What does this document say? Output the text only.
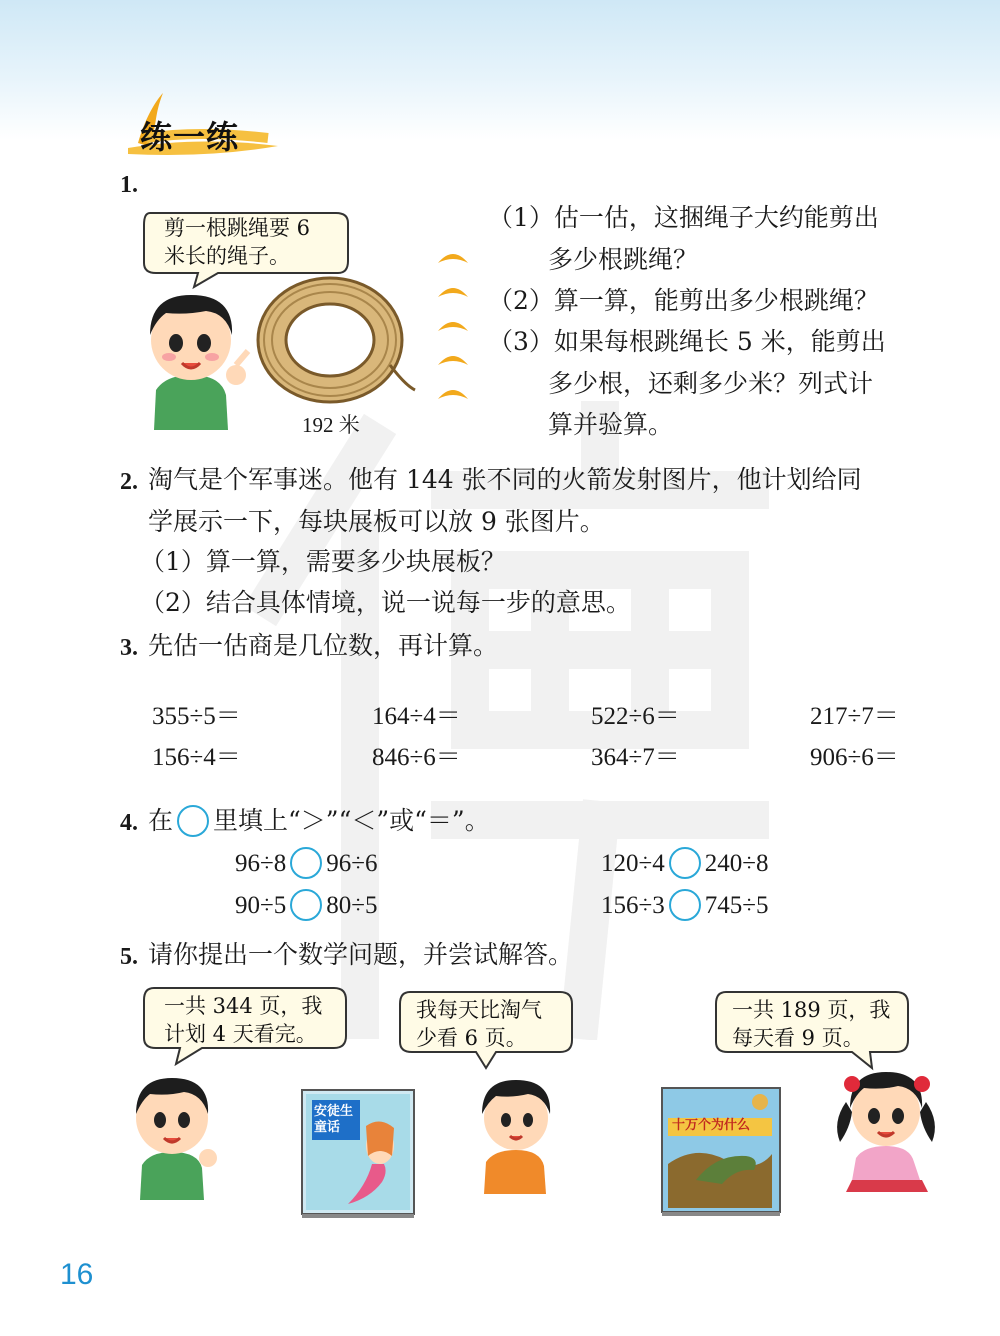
练一练
1.
剪一根跳绳要 6
米长的绳子。
192 米
（1）估一估，这捆绳子大约能剪出
多少根跳绳？
（2）算一算，能剪出多少根跳绳？
（3）如果每根跳绳长 5 米，能剪出
多少根，还剩多少米？列式计
算并验算。
2. 淘气是个军事迷。他有 144 张不同的火箭发射图片，他计划给同
学展示一下，每块展板可以放 9 张图片。
（1）算一算，需要多少块展板？
（2）结合具体情境，说一说每一步的意思。
3. 先估一估商是几位数，再计算。
355÷5＝	164÷4＝	522÷6＝	217÷7＝
156÷4＝	846÷6＝	364÷7＝	906÷6＝
4. 在 里填上“＞”“＜”或“＝”。
96÷8 96÷6	120÷4 240÷8
90÷5 80÷5	156÷3 745÷5
5. 请你提出一个数学问题，并尝试解答。
一共 344 页，我
计划 4 天看完。
我每天比淘气
少看 6 页。
一共 189 页，我
每天看 9 页。
安徒生童话	十万个为什么
16
